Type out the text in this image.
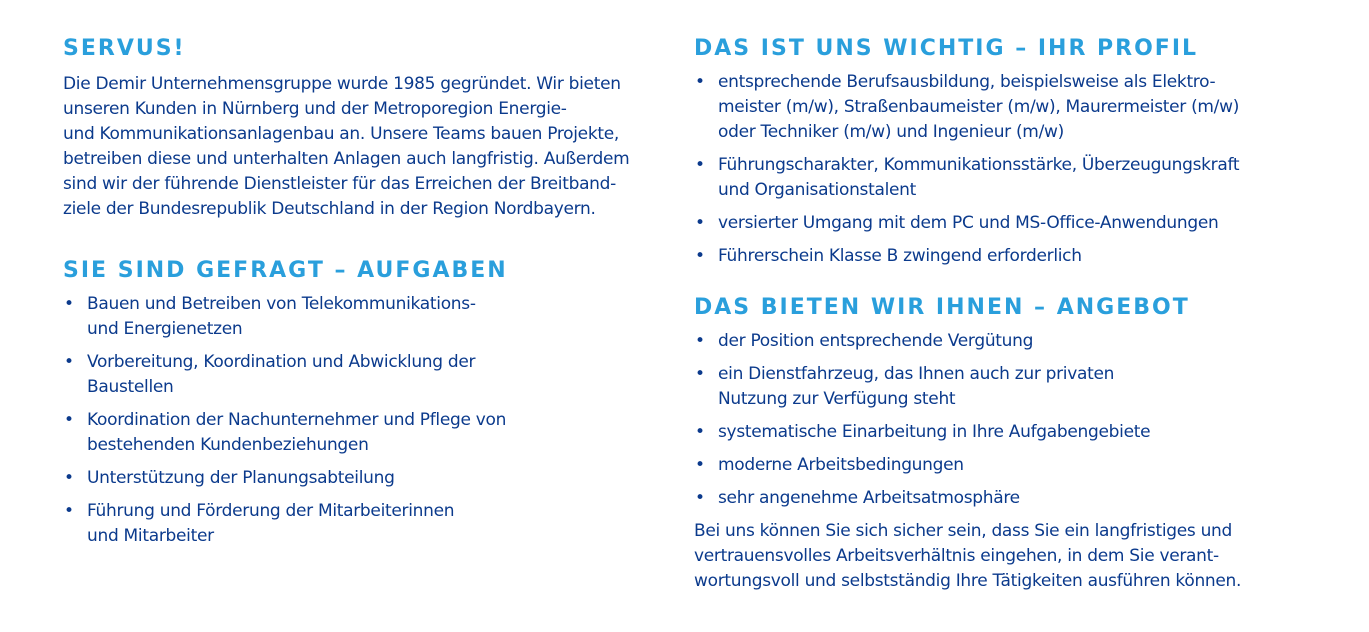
SERVUS!

Die Demir Unternehmensgruppe wurde 1985 gegründet. Wir bieten
unseren Kunden in Nürnberg und der Metroporegion Energie-
und Kommunikationsanlagenbau an. Unsere Teams bauen Projekte,
betreiben diese und unterhalten Anlagen auch langfristig. Außerdem
sind wir der führende Dienstleister für das Erreichen der Breitband-
ziele der Bundesrepublik Deutschland in der Region Nordbayern.

SIE SIND GEFRAGT – AUFGABEN
• Bauen und Betreiben von Telekommunikations-
und Energienetzen
• Vorbereitung, Koordination und Abwicklung der
Baustellen
• Koordination der Nachunternehmer und Pflege von
bestehenden Kundenbeziehungen
• Unterstützung der Planungsabteilung
• Führung und Förderung der Mitarbeiterinnen
und Mitarbeiter
DAS IST UNS WICHTIG – IHR PROFIL
• entsprechende Berufsausbildung, beispielsweise als Elektro-
meister (m/w), Straßenbaumeister (m/w), Maurermeister (m/w)
oder Techniker (m/w) und Ingenieur (m/w)
• Führungscharakter, Kommunikationsstärke, Überzeugungskraft
und Organisationstalent
• versierter Umgang mit dem PC und MS-Office-Anwendungen
• Führerschein Klasse B zwingend erforderlich
DAS BIETEN WIR IHNEN – ANGEBOT
• der Position entsprechende Vergütung
• ein Dienstfahrzeug, das Ihnen auch zur privaten
Nutzung zur Verfügung steht
• systematische Einarbeitung in Ihre Aufgabengebiete
• moderne Arbeitsbedingungen
• sehr angenehme Arbeitsatmosphäre

Bei uns können Sie sich sicher sein, dass Sie ein langfristiges und
vertrauensvolles Arbeitsverhältnis eingehen, in dem Sie verant-
wortungsvoll und selbstständig Ihre Tätigkeiten ausführen können.
